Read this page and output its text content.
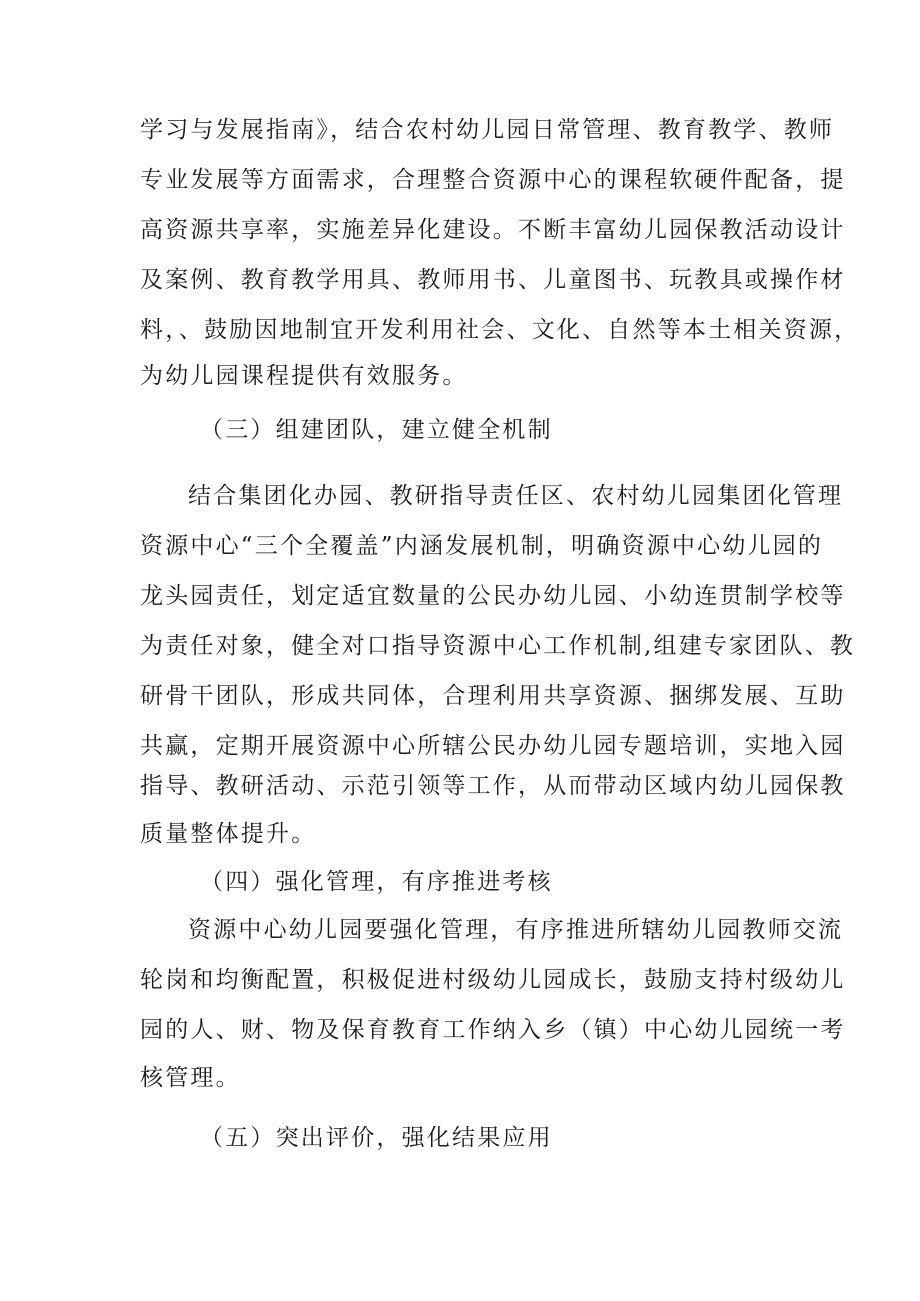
学习与发展指南》，结合农村幼儿园日常管理、教育教学、教师
专业发展等方面需求，合理整合资源中心的课程软硬件配备，提
高资源共享率，实施差异化建设。不断丰富幼儿园保教活动设计
及案例、教育教学用具、教师用书、儿童图书、玩教具或操作材
料，、鼓励因地制宜开发利用社会、文化、自然等本土相关资源，
为幼儿园课程提供有效服务。
（三）组建团队，建立健全机制
结合集团化办园、教研指导责任区、农村幼儿园集团化管理
资源中心“三个全覆盖”内涵发展机制，明确资源中心幼儿园的
龙头园责任，划定适宜数量的公民办幼儿园、小幼连贯制学校等
为责任对象，健全对口指导资源中心工作机制,组建专家团队、教
研骨干团队，形成共同体，合理利用共享资源、捆绑发展、互助
共赢，定期开展资源中心所辖公民办幼儿园专题培训，实地入园
指导、教研活动、示范引领等工作，从而带动区域内幼儿园保教
质量整体提升。
（四）强化管理，有序推进考核
资源中心幼儿园要强化管理，有序推进所辖幼儿园教师交流
轮岗和均衡配置，积极促进村级幼儿园成长，鼓励支持村级幼儿
园的人、财、物及保育教育工作纳入乡（镇）中心幼儿园统一考
核管理。
（五）突出评价，强化结果应用
